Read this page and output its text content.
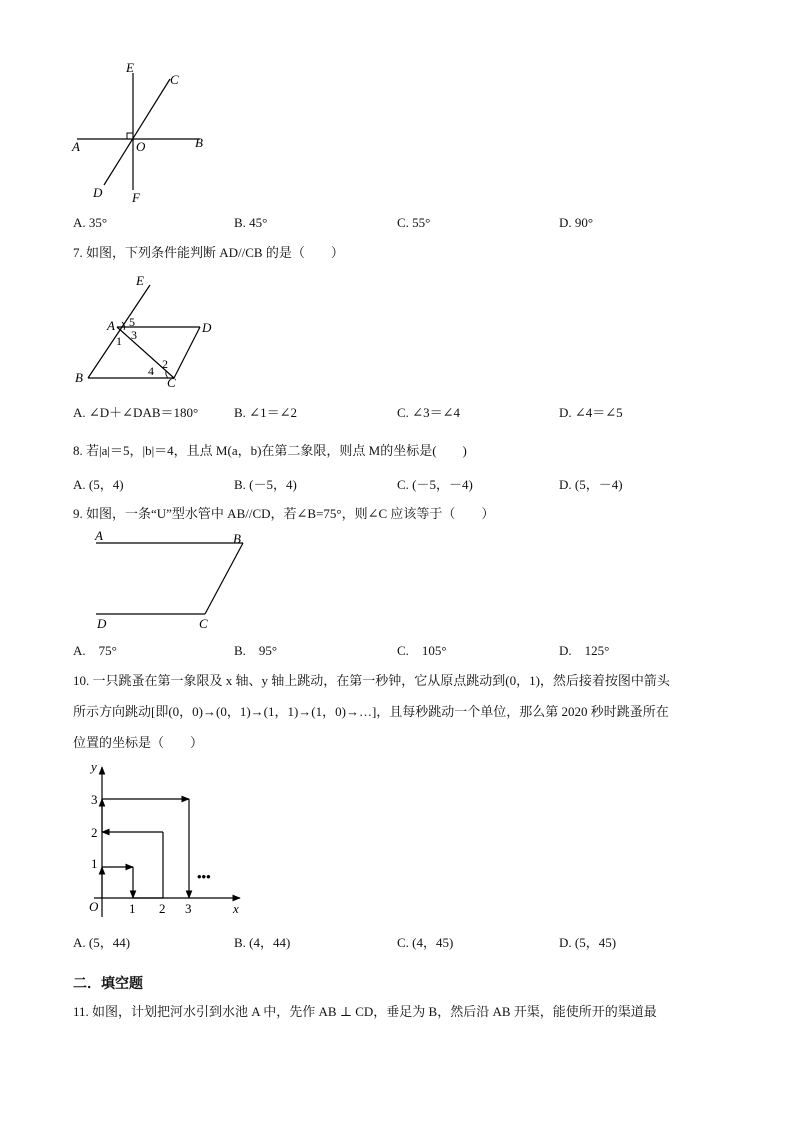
E
C
A	O	B
D F
A. 35°	B. 45°	C. 55°	D. 90°
7. 如图，下列条件能判断 AD//CB 的是（　　）
E
A	D
B	C
5
3
1
2
4
A. ∠D＋∠DAB＝180°	B. ∠1＝∠2	C. ∠3＝∠4	D. ∠4＝∠5
8. 若|a|＝5，|b|＝4，且点 M(a，b)在第二象限，则点 M的坐标是(　　)
A. (5，4)	B. (－5，4)	C. (－5，－4)	D. (5，－4)
9. 如图，一条“U”型水管中 AB//CD，若∠B=75°，则∠C 应该等于（　　）
A	B
D	C
A.　75°	B.　95°	C.　105°	D.　125°
10. 一只跳蚤在第一象限及 x 轴、y 轴上跳动，在第一秒钟，它从原点跳动到(0，1)，然后接着按图中箭头
所示方向跳动[即(0，0)→(0，1)→(1，1)→(1，0)→…]，且每秒跳动一个单位，那么第 2020 秒时跳蚤所在
位置的坐标是（　　）
y
x
O
1
2
3
1 2 3
•••
A. (5，44)	B. (4，44)	C. (4，45)	D. (5，45)
二．填空题
11. 如图，计划把河水引到水池 A 中，先作 AB ⊥ CD，垂足为 B，然后沿 AB 开渠，能使所开的渠道最
